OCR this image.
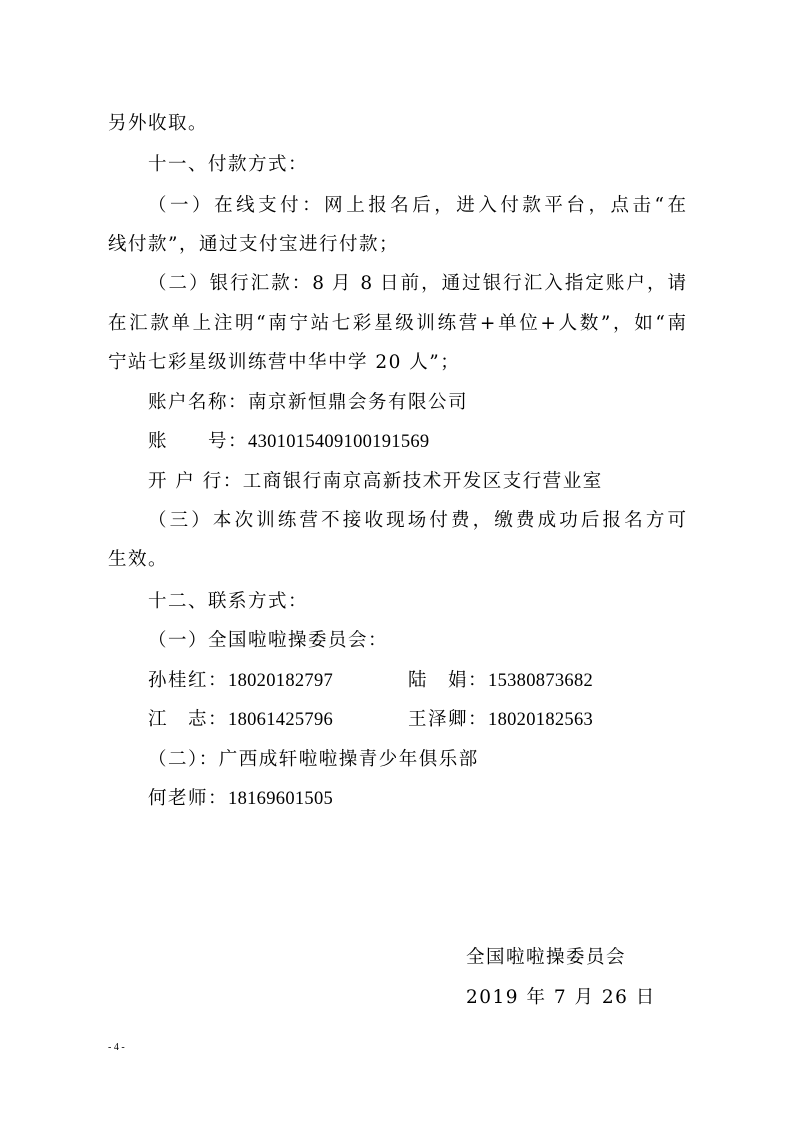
另外收取。
十一、付款方式：
（一）在线支付：网上报名后，进入付款平台，点击“在
线付款”，通过支付宝进行付款；
（二）银行汇款：8 月 8 日前，通过银行汇入指定账户，请
在汇款单上注明“南宁站七彩星级训练营+单位+人数”，如“南
宁站七彩星级训练营中华中学 20 人”；
账户名称：南京新恒鼎会务有限公司
账　　号：4301015409100191569
开 户 行：工商银行南京高新技术开发区支行营业室
（三）本次训练营不接收现场付费，缴费成功后报名方可
生效。
十二、联系方式：
（一）全国啦啦操委员会：
孙桂红：18020182797	陆　娟：15380873682
江　志：18061425796	王泽卿：18020182563
（二）：广西成轩啦啦操青少年俱乐部
何老师：18169601505
全国啦啦操委员会
2019 年 7 月 26 日
- 4 -
